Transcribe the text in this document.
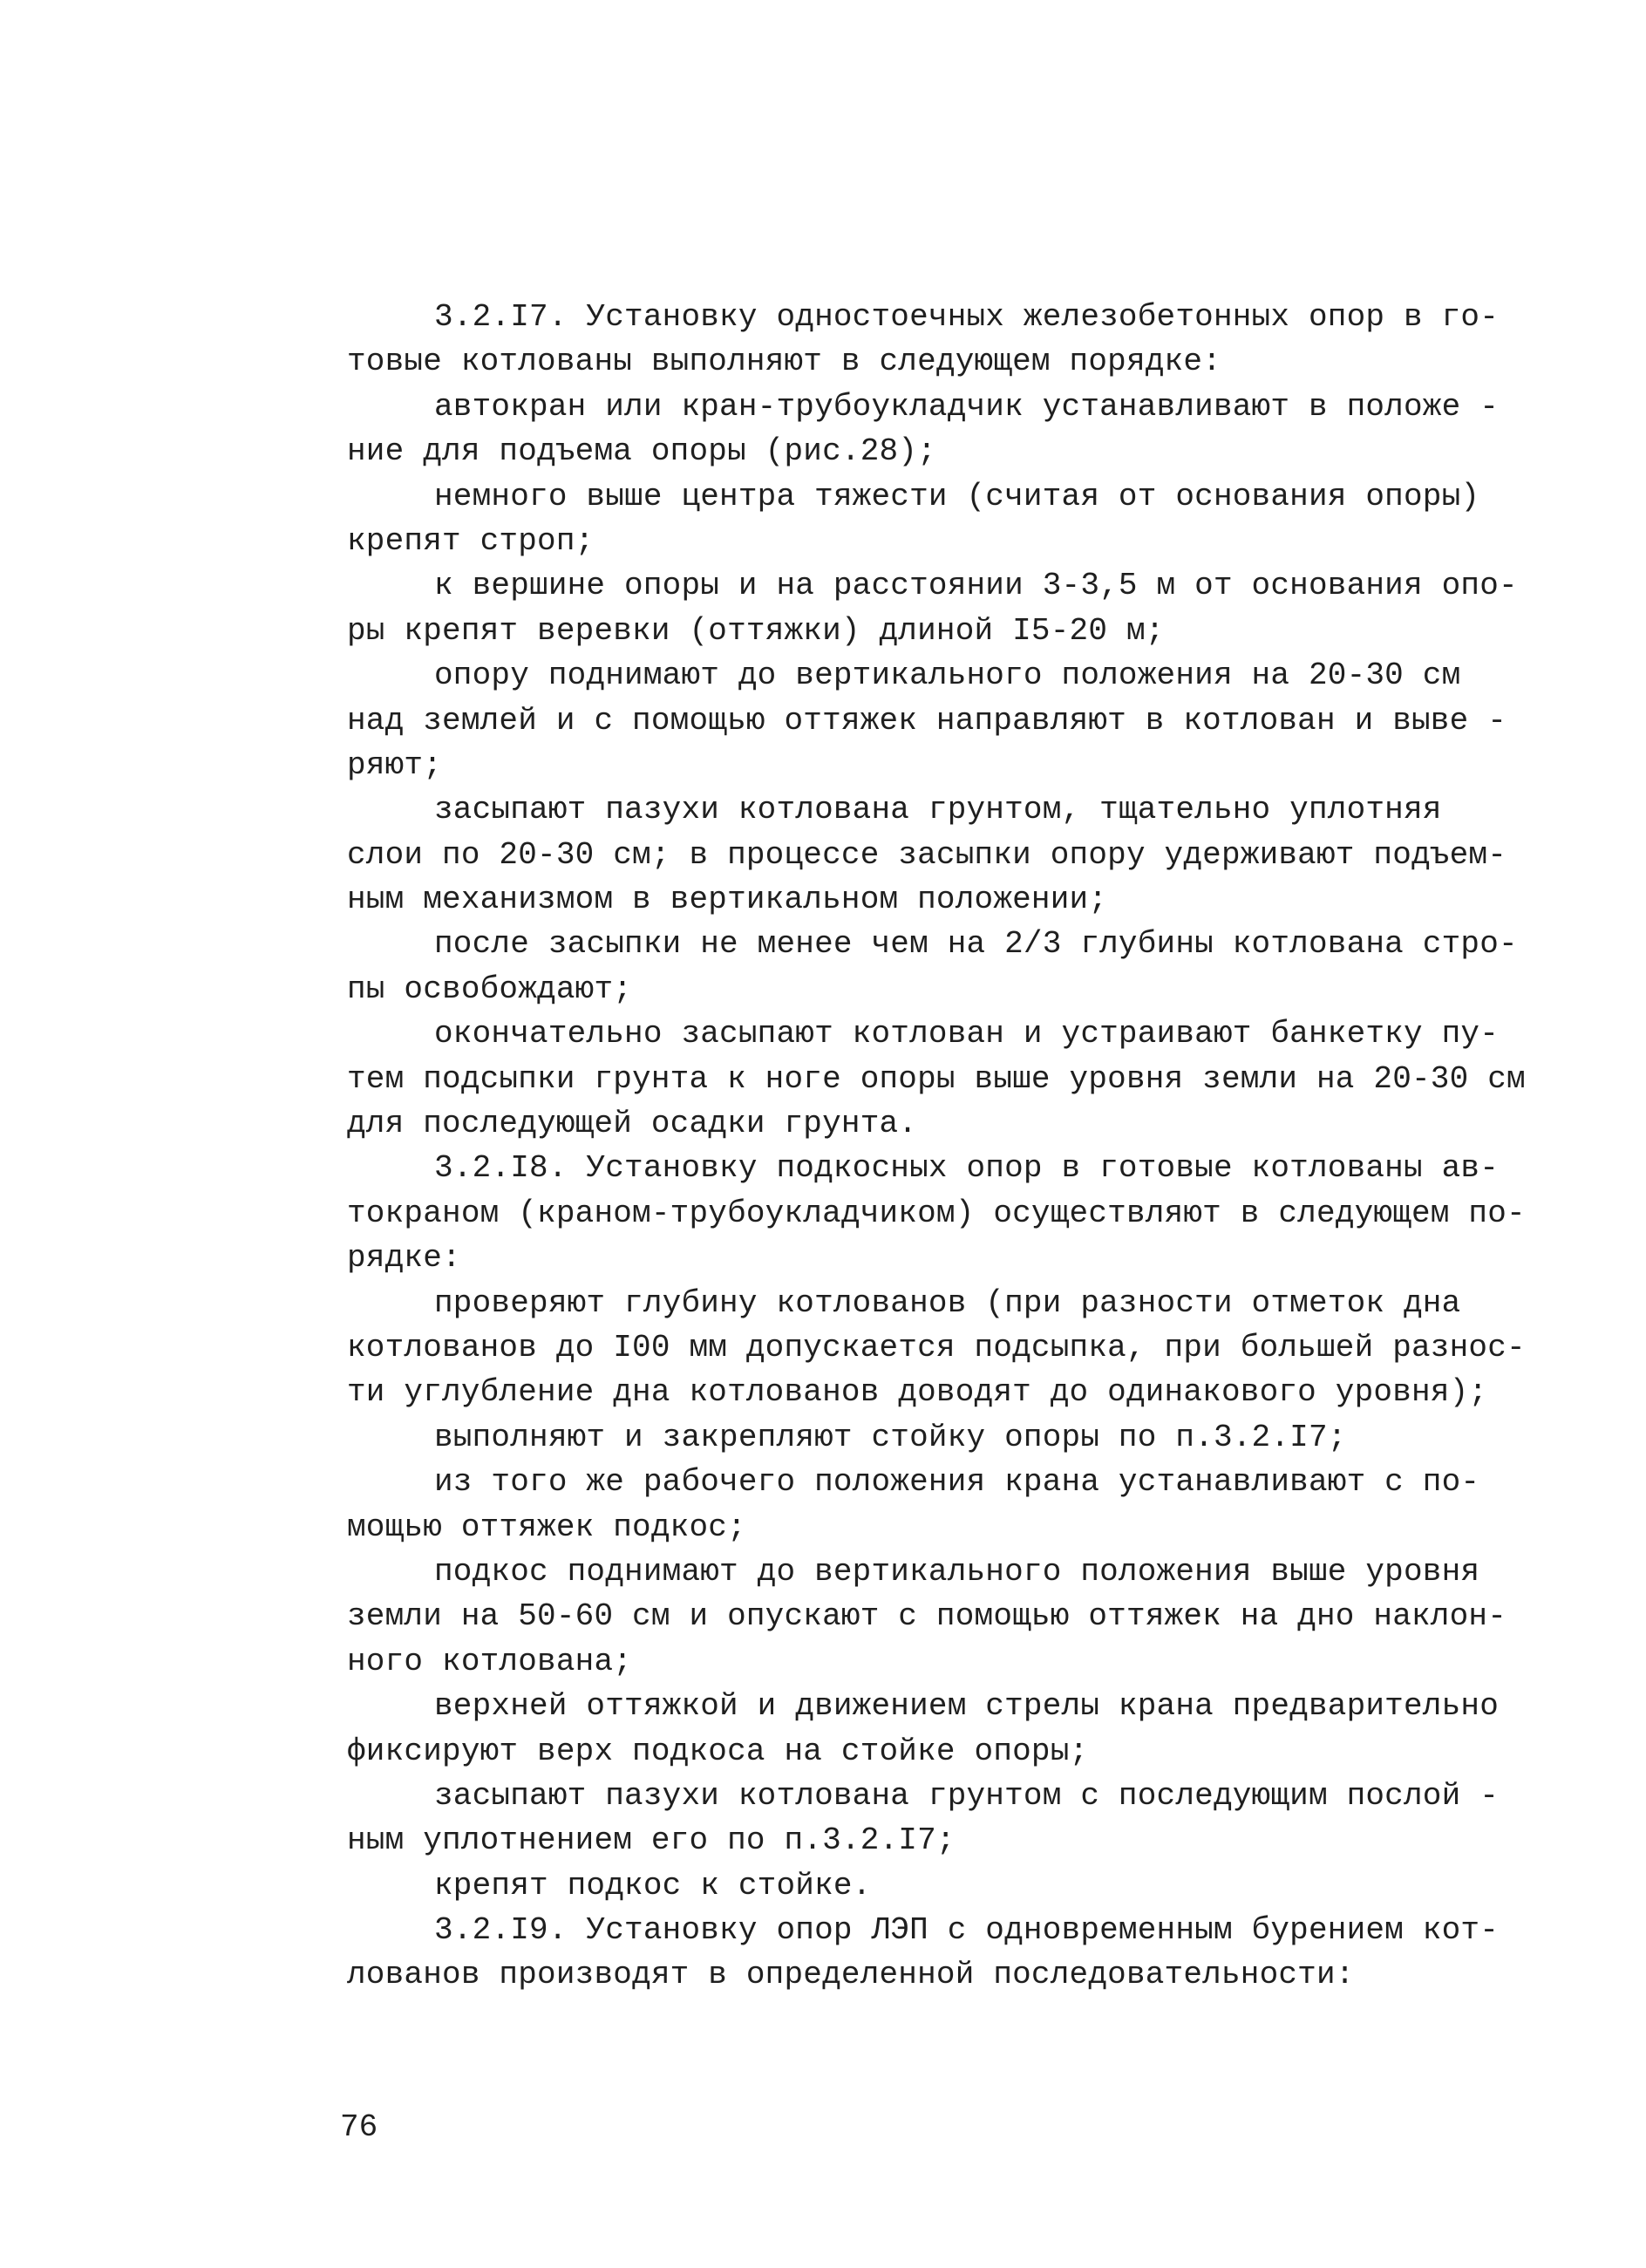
3.2.I7. Установку одностоечных железобетонных опор в го-
товые котлованы выполняют в следующем порядке:
автокран или кран-трубоукладчик устанавливают в положе -
ние для подъема опоры (рис.28);
немного выше центра тяжести (считая от основания опоры)
крепят строп;
к вершине опоры и на расстоянии 3-3,5 м от основания опо-
ры крепят веревки (оттяжки) длиной I5-20 м;
опору поднимают до вертикального положения на 20-30 см
над землей и с помощью оттяжек направляют в котлован и выве -
ряют;
засыпают пазухи котлована грунтом, тщательно уплотняя
слои по 20-30 см; в процессе засыпки опору удерживают подъем-
ным механизмом в вертикальном положении;
после засыпки не менее чем на 2/3 глубины котлована стро-
пы освобождают;
окончательно засыпают котлован и устраивают банкетку пу-
тем подсыпки грунта к ноге опоры выше уровня земли на 20-30 см
для последующей осадки грунта.
3.2.I8. Установку подкосных опор в готовые котлованы ав-
токраном (краном-трубоукладчиком) осуществляют в следующем по-
рядке:
проверяют глубину котлованов (при разности отметок дна
котлованов до I00 мм допускается подсыпка, при большей разнос-
ти углубление дна котлованов доводят до одинакового уровня);
выполняют и закрепляют стойку опоры по п.3.2.I7;
из того же рабочего положения крана устанавливают с по-
мощью оттяжек подкос;
подкос поднимают до вертикального положения выше уровня
земли на 50-60 см и опускают с помощью оттяжек на дно наклон-
ного котлована;
верхней оттяжкой и движением стрелы крана предварительно
фиксируют верх подкоса на стойке опоры;
засыпают пазухи котлована грунтом с последующим послой -
ным уплотнением его по п.3.2.I7;
крепят подкос к стойке.
3.2.I9. Установку опор ЛЭП с одновременным бурением кот-
лованов производят в определенной последовательности:
76
